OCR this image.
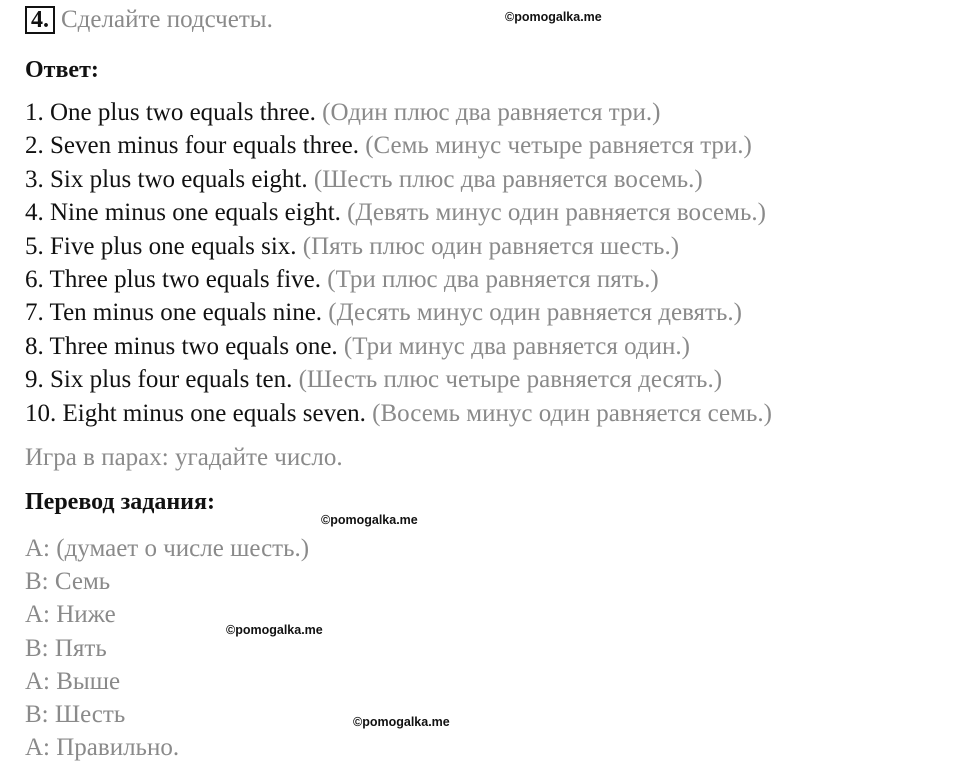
4. Сделайте подсчеты.	©pomogalka.me
Ответ:
1. One plus two equals three. (Один плюс два равняется три.)
2. Seven minus four equals three. (Семь минус четыре равняется три.)
3. Six plus two equals eight. (Шесть плюс два равняется восемь.)
4. Nine minus one equals eight. (Девять минус один равняется восемь.)
5. Five plus one equals six. (Пять плюс один равняется шесть.)
6. Three plus two equals five. (Три плюс два равняется пять.)
7. Ten minus one equals nine. (Десять минус один равняется девять.)
8. Three minus two equals one. (Три минус два равняется один.)
9. Six plus four equals ten. (Шесть плюс четыре равняется десять.)
10. Eight minus one equals seven. (Восемь минус один равняется семь.)
Игра в парах: угадайте число.
Перевод задания:
©pomogalka.me
A: (думает о числе шесть.)
B: Семь
A: Ниже
B: Пять
A: Выше
B: Шесть
A: Правильно.
©pomogalka.me
©pomogalka.me
